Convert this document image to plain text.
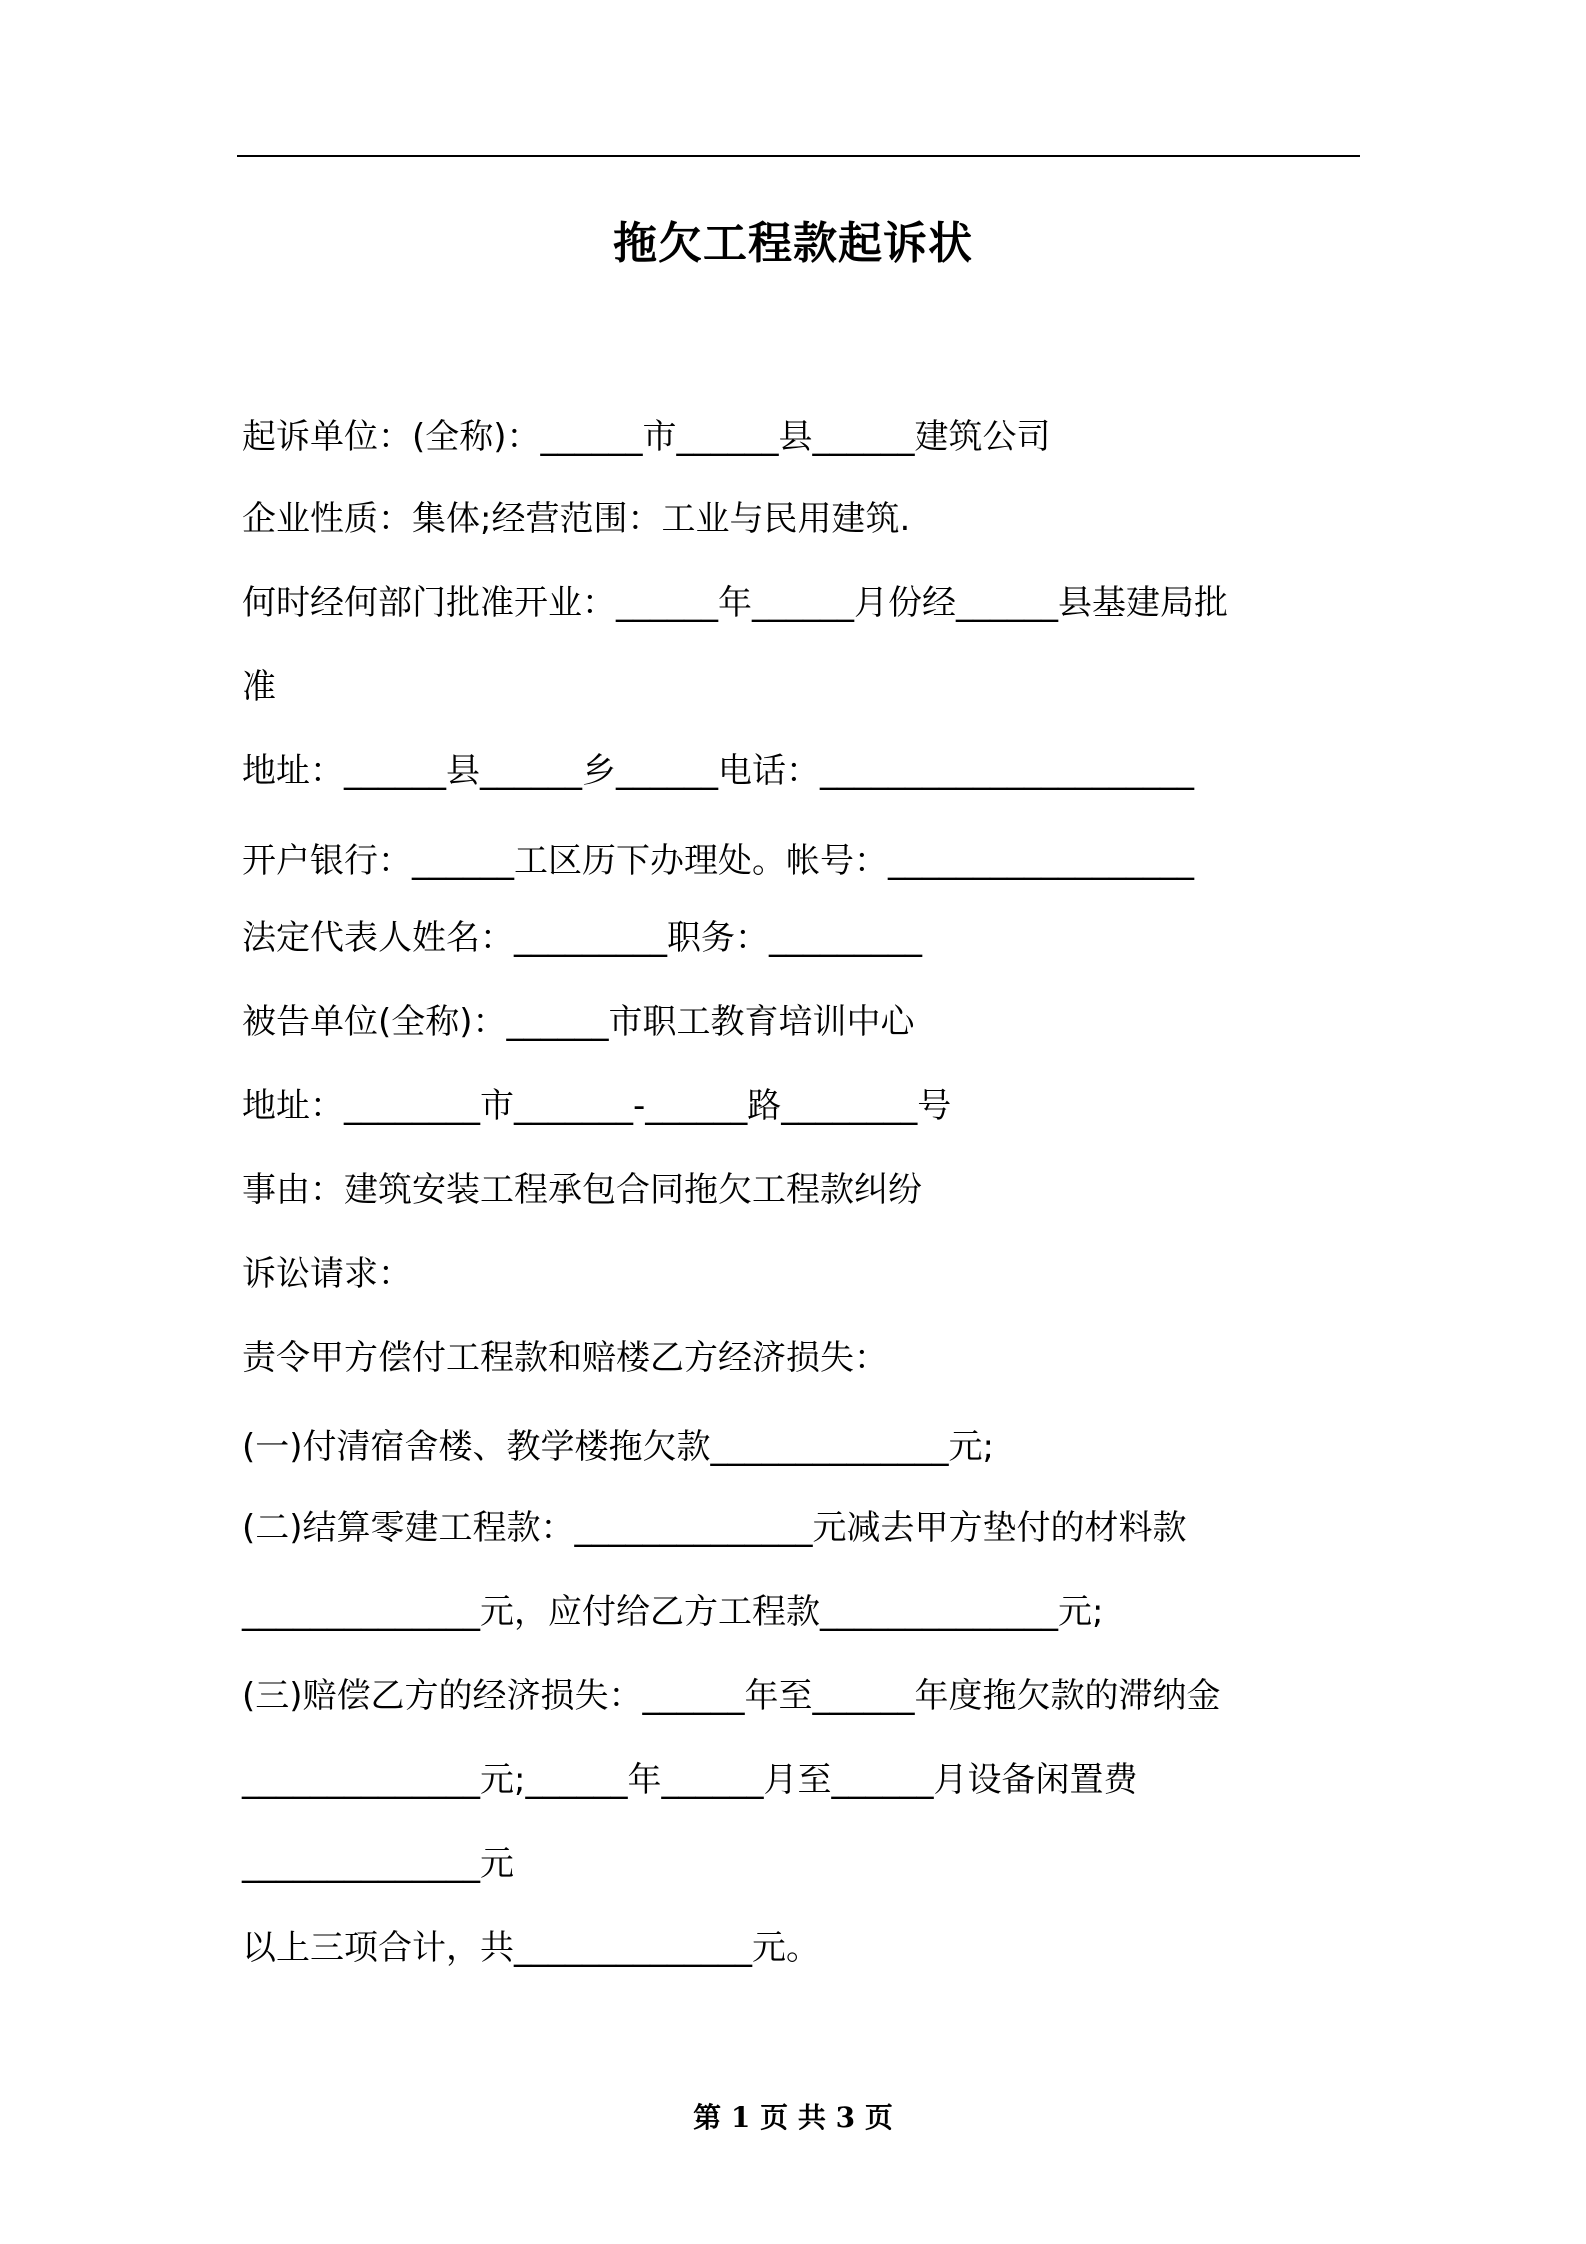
拖欠工程款起诉状
起诉单位：(全称)：______市______县______建筑公司
企业性质：集体;经营范围：工业与民用建筑.
何时经何部门批准开业：______年______月份经______县基建局批
准
地址：______县______乡______电话：______________________
开户银行：______工区历下办理处。帐号：__________________
法定代表人姓名：_________职务：_________
被告单位(全称)：______市职工教育培训中心
地址：________市_______-______路________号
事由：建筑安装工程承包合同拖欠工程款纠纷
诉讼请求：
责令甲方偿付工程款和赔楼乙方经济损失：
(一)付清宿舍楼、教学楼拖欠款______________元;
(二)结算零建工程款：______________元减去甲方垫付的材料款
______________元，应付给乙方工程款______________元;
(三)赔偿乙方的经济损失：______年至______年度拖欠款的滞纳金
______________元;______年______月至______月设备闲置费
______________元
以上三项合计，共______________元。
第 1 页 共 3 页
